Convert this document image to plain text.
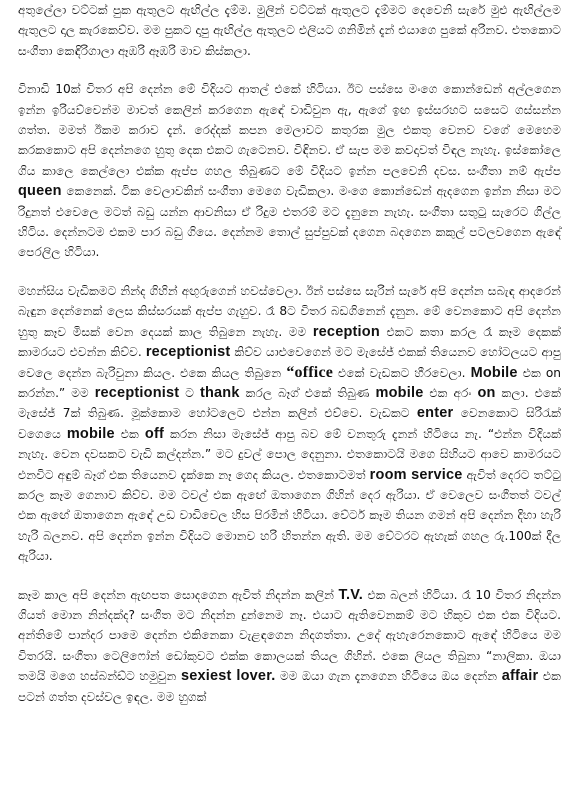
අතුලේලා වට්ටක් පුක ඇතුලට ඇඟිල්ල දැම්ම. මුලින් වට්ටක් ඇතුලට දැම්මට දෙවෙනි සැරේ මුළු ඇඟිල්ලම ඇතුලට දාල කැරකෙව්ව. මම පුකට දාපු ඇඟිල්ල ඇතුලට එලියට ගනිමින් දැන් එයාගෙ පුකේ අරිනව. එතකොට සංගීතා කෙඳිරිගාලා ඈඹරි ඈඹරි මාව කිස්කලා.

විනාඩි 10ක් විතර අපි දෙන්න මේ විදියට ආතල් එකේ හිටියා. ඊට පස්සෙ මංගෙ කොන්ඩෙන් අල්ලගෙන ඉන්න ඉරියව්වෙන්ම මාවත් කෙලින් කරගෙන ඇඳේ වාඩිවුන ඇ, ඇගේ ඉඟ ඉස්සරහට සසෙට ගස්සන්න ගත්ත. මමත් ඊකම කරාව දැන්. රෙද්දක් කපන මෙලාවට කතුරක මුල එකතු වෙනව වගේ මෙහෙම කරකකොට අපි දෙන්නගෙ හුතු දෙක එකට ගැටෙනව. විඳිනව. ඒ සැප මම කවදාවත් විඳල නැහැ. ඉස්කෝලෙ ගිය කාලෙ කෙල්ලො එක්ක ඇප්ප ගහල තිබුණට මේ විදියට ඉන්න පලවෙනි දවස. සංගීතා නම් ඇප්ප queen කෙනෙක්. ටික වෙලාවකින් සංගීතා මෙගෙ වැඩිකලා. මංගෙ කොන්ඩෙන් ඇදගෙන ඉන්න නිසා මට රිදුනත් එවෙලෙ මටත් බඩු යන්න ආවනිසා ඒ රිදුම එතරම් මට දැනුනෙ නැහැ. සංගීතා සතුටු සැරෙට ගිල්ල හිටිය. දෙන්නටම එකම පාර බඩු ගියෙ. දෙන්නම තොල් සුප්පුවක් දගෙන බදගෙන කකුල් පටලවගෙන ඇඳේ පෙරලිල හිටියා.

මහන්සිය වැඩිකමට නින්ද ගිහින් අඟුරුගෙන් හවස්වෙලා. ඊන් පස්සෙ සැරින් සැරේ අපි දෙන්න සබැඳ ආදරෙන් බැඳුන දෙන්නෙක් ලෙස කිස්සරයක් ඇප්ප ගැහුව. රෑ 8ට විතර බඩගිනෙන් දැනුන. මේ වෙනකොට අපි දෙන්න හුතු කෑව මිසක් වෙන දෙයක් කාල තිබුනෙ නැහැ. මම reception එකට කතා කරල රෑ කෑම දෙකක් කාමරයට එවන්න කිව්ව. receptionist කිව්ව යාළුවෙගෙන් මට මැසේජ් එකක් තියෙනව හෝටලයට ආපු වෙලෙ දෙන්න බැරිවුනා කියල. එකෙ කියල තිබුනෙ “office එකේ වැඩකට හීරවෙලා. Mobile එක on කරන්න.” මම receptionist ට thank කරල බෑග් එකේ තිබුණ mobile එක අරං on කලා. එකේ මැසේජ් 7ක් තිබුණ. මූක්කොම හෝටලෙට එන්න කලින් එව්වෙ. වැඩකට enter වෙනකොට සිරිරැක් වගෙයෙ mobile එක off කරන නිසා මැසේජ් ආපු බව මේ වනතුරු දැනන් හිටියෙ නැ. “එන්න විදියක් නැහැ. වෙන දවසකට වැඩි කල්දන්න.” මට දුවල් පොල දෙනුනා. එතකොටයි මගෙ සිහියට ආවෙ කාමරයට එනවිට අඳුම් බෑග් එක තියෙනව දැක්කෙ නෑ ගෙද කියල. එතකොටමත් room service ඇවිත් දෙරට තට්ටු කරල කෑම ගෙනාව කිව්ව. මම ටවල් එක ඇඟේ ඔතාගෙන ගිහින් දෙර ඇරියා. ඒ වෙලෙව සංගීතත් ටවල් එක ඇඟේ ඔතාගෙන ඇඳේ උඩ වාඩිවෙල හිස පිරමින් හිටියා. වේටර් කෑම තියන ගමන් අපි දෙන්න දිහා හැරි හැරි බලනව. අපි දෙන්න ඉන්න විදියට මොනව හරි හිතන්න ඇති. මම වේටරට ඇහැක් ගහල රු.100ක් දීල ඇරියා.

කෑම කාල අපි දෙන්න ඇඟපත සොදගෙන ඇවිත් නිදන්න කලින් T.V. එක බලන් හිටියා. රෑ 10 විතර නිදන්න ගියත් මොන නින්දක්ද? සංගීත මට නිදන්න දුන්නෙම නෑ. එයාට ඇතිවෙනකම් මට හිකුව එක එක විදියට. අන්තිමේ පාන්දර පාමෙ දෙන්න එකිනෙකා වැළඳගෙන නිදගත්තා. උදේ ඇහැරෙනකොට ඇඳේ හිටියෙ මම විතරයි. සංගීතා ටෙලිෆෝන් ඩෝකුවට එක්ක කොලයක් තියල ගිහින්. එකෙ ලියල තිබුනා “නාලිකා. ඔයා තමයි මගෙ හස්බන්ඩ්ට හමුවුන sexiest lover. මම ඔයා ගැන දැනගෙන හිටියෙ ඔය දෙන්න affair එක පටන් ගත්ත දවස්වල ඉඳල. මම හුගක්
